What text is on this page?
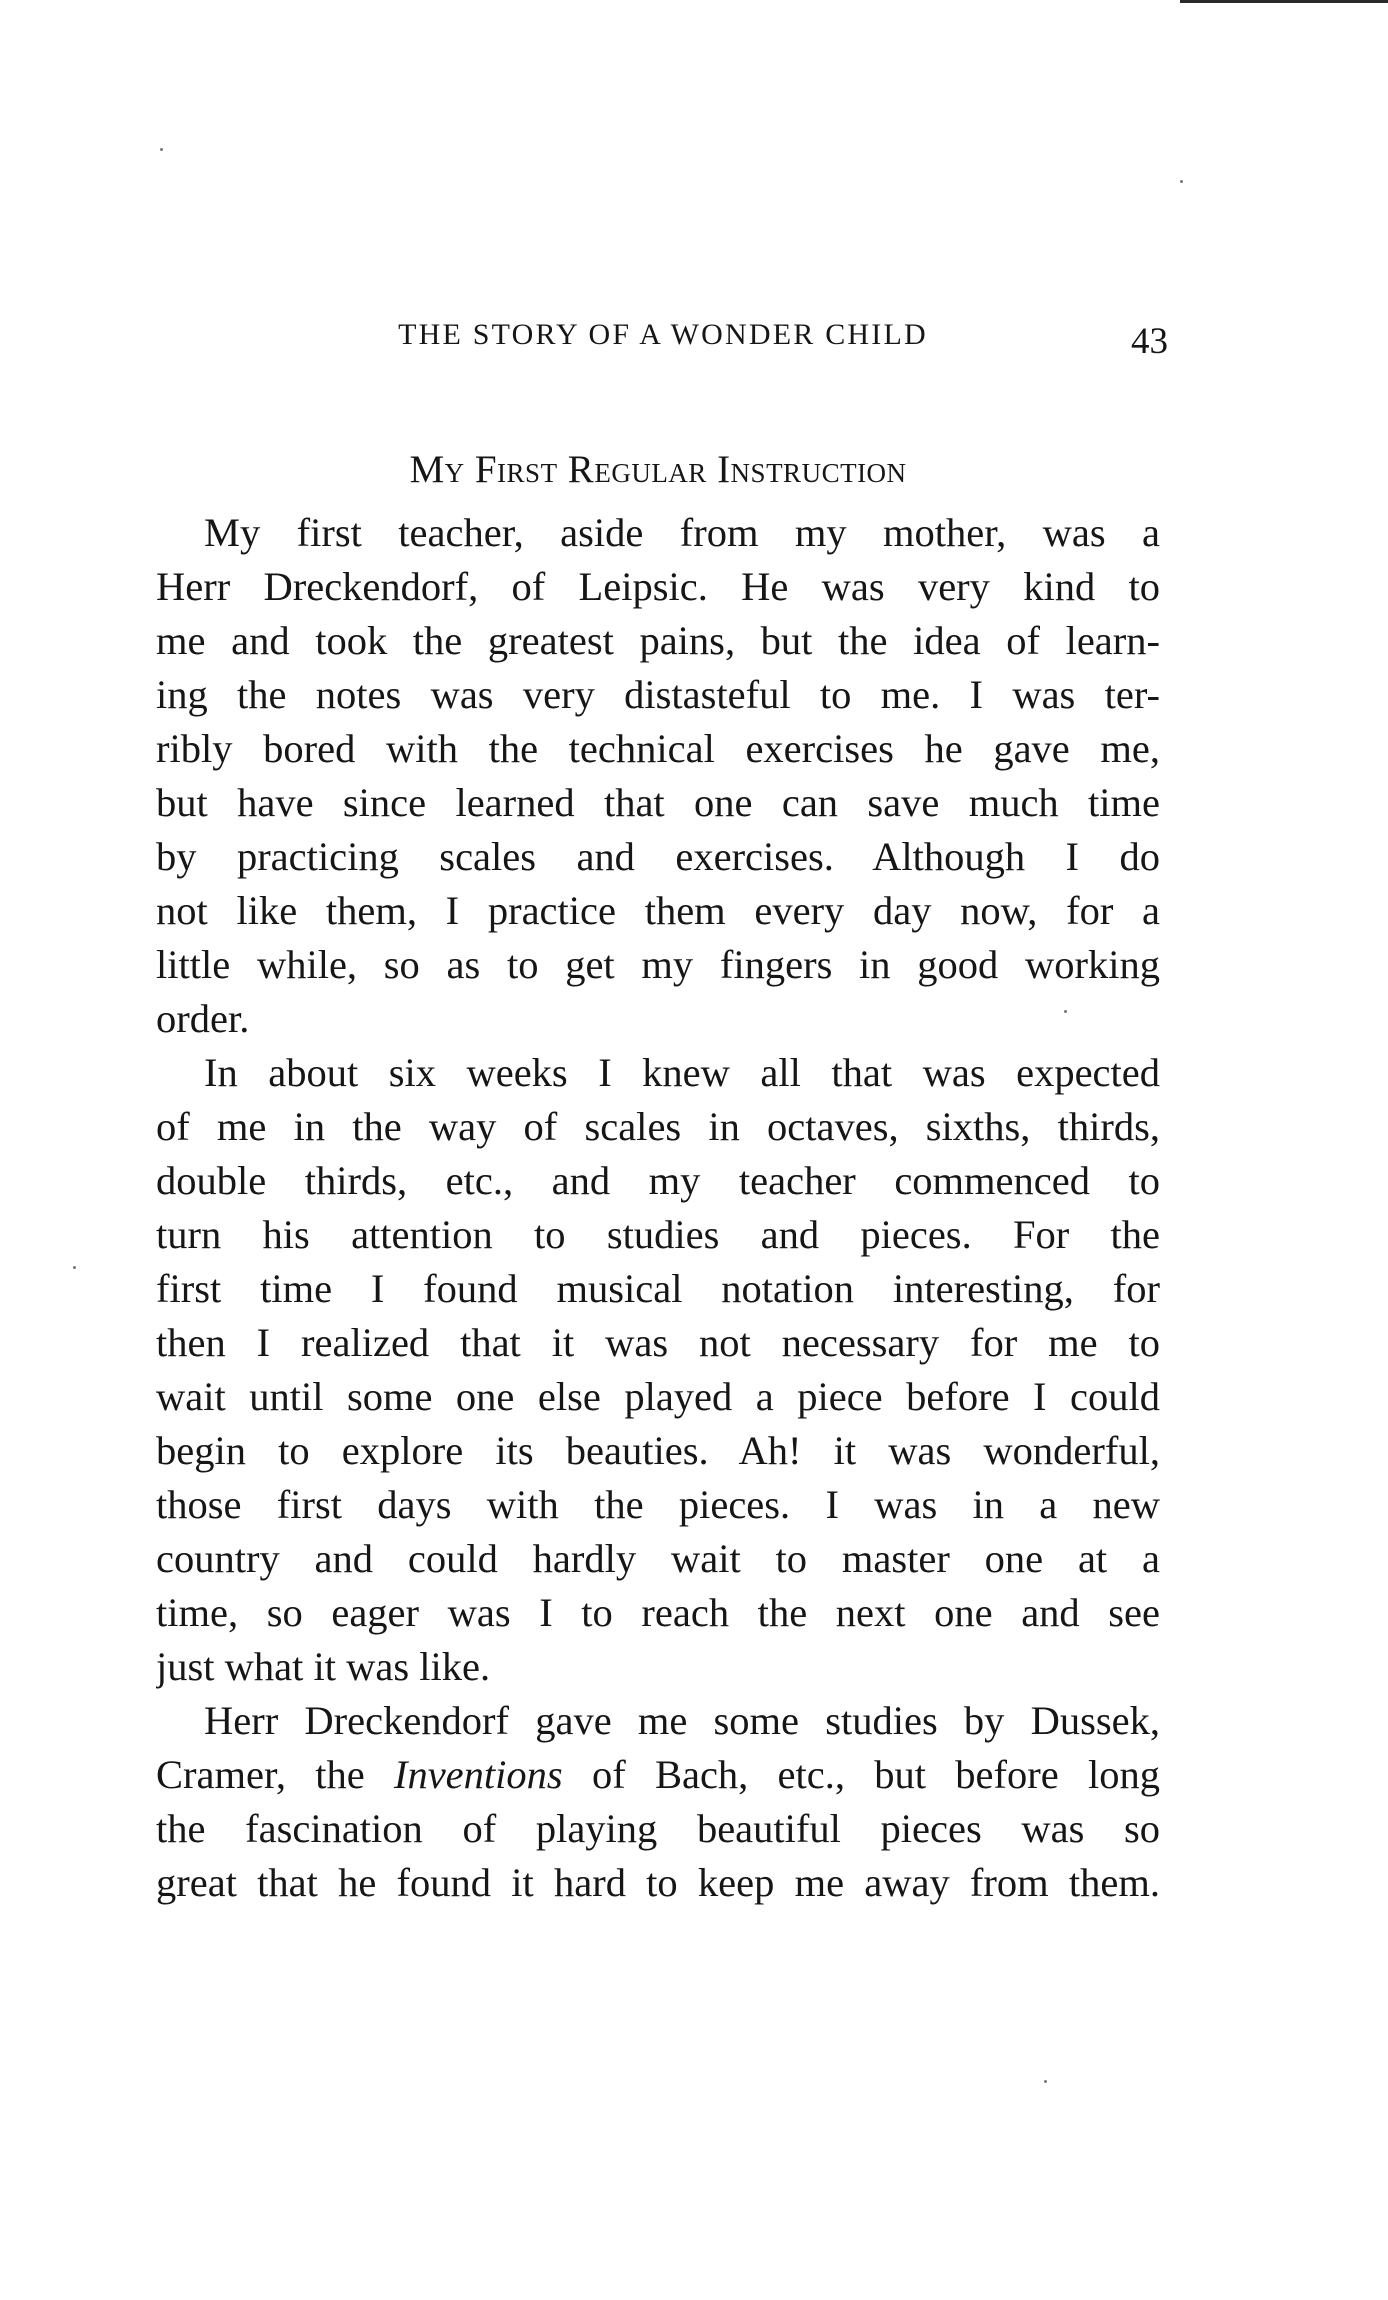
THE STORY OF A WONDER CHILD	43
My First Regular Instruction
My first teacher, aside from my mother, was a
Herr Dreckendorf, of Leipsic. He was very kind to
me and took the greatest pains, but the idea of learn-
ing the notes was very distasteful to me. I was ter-
ribly bored with the technical exercises he gave me,
but have since learned that one can save much time
by practicing scales and exercises. Although I do
not like them, I practice them every day now, for a
little while, so as to get my fingers in good working
order.
In about six weeks I knew all that was expected
of me in the way of scales in octaves, sixths, thirds,
double thirds, etc., and my teacher commenced to
turn his attention to studies and pieces. For the
first time I found musical notation interesting, for
then I realized that it was not necessary for me to
wait until some one else played a piece before I could
begin to explore its beauties. Ah! it was wonderful,
those first days with the pieces. I was in a new
country and could hardly wait to master one at a
time, so eager was I to reach the next one and see
just what it was like.
Herr Dreckendorf gave me some studies by Dussek,
Cramer, the Inventions of Bach, etc., but before long
the fascination of playing beautiful pieces was so
great that he found it hard to keep me away from them.
